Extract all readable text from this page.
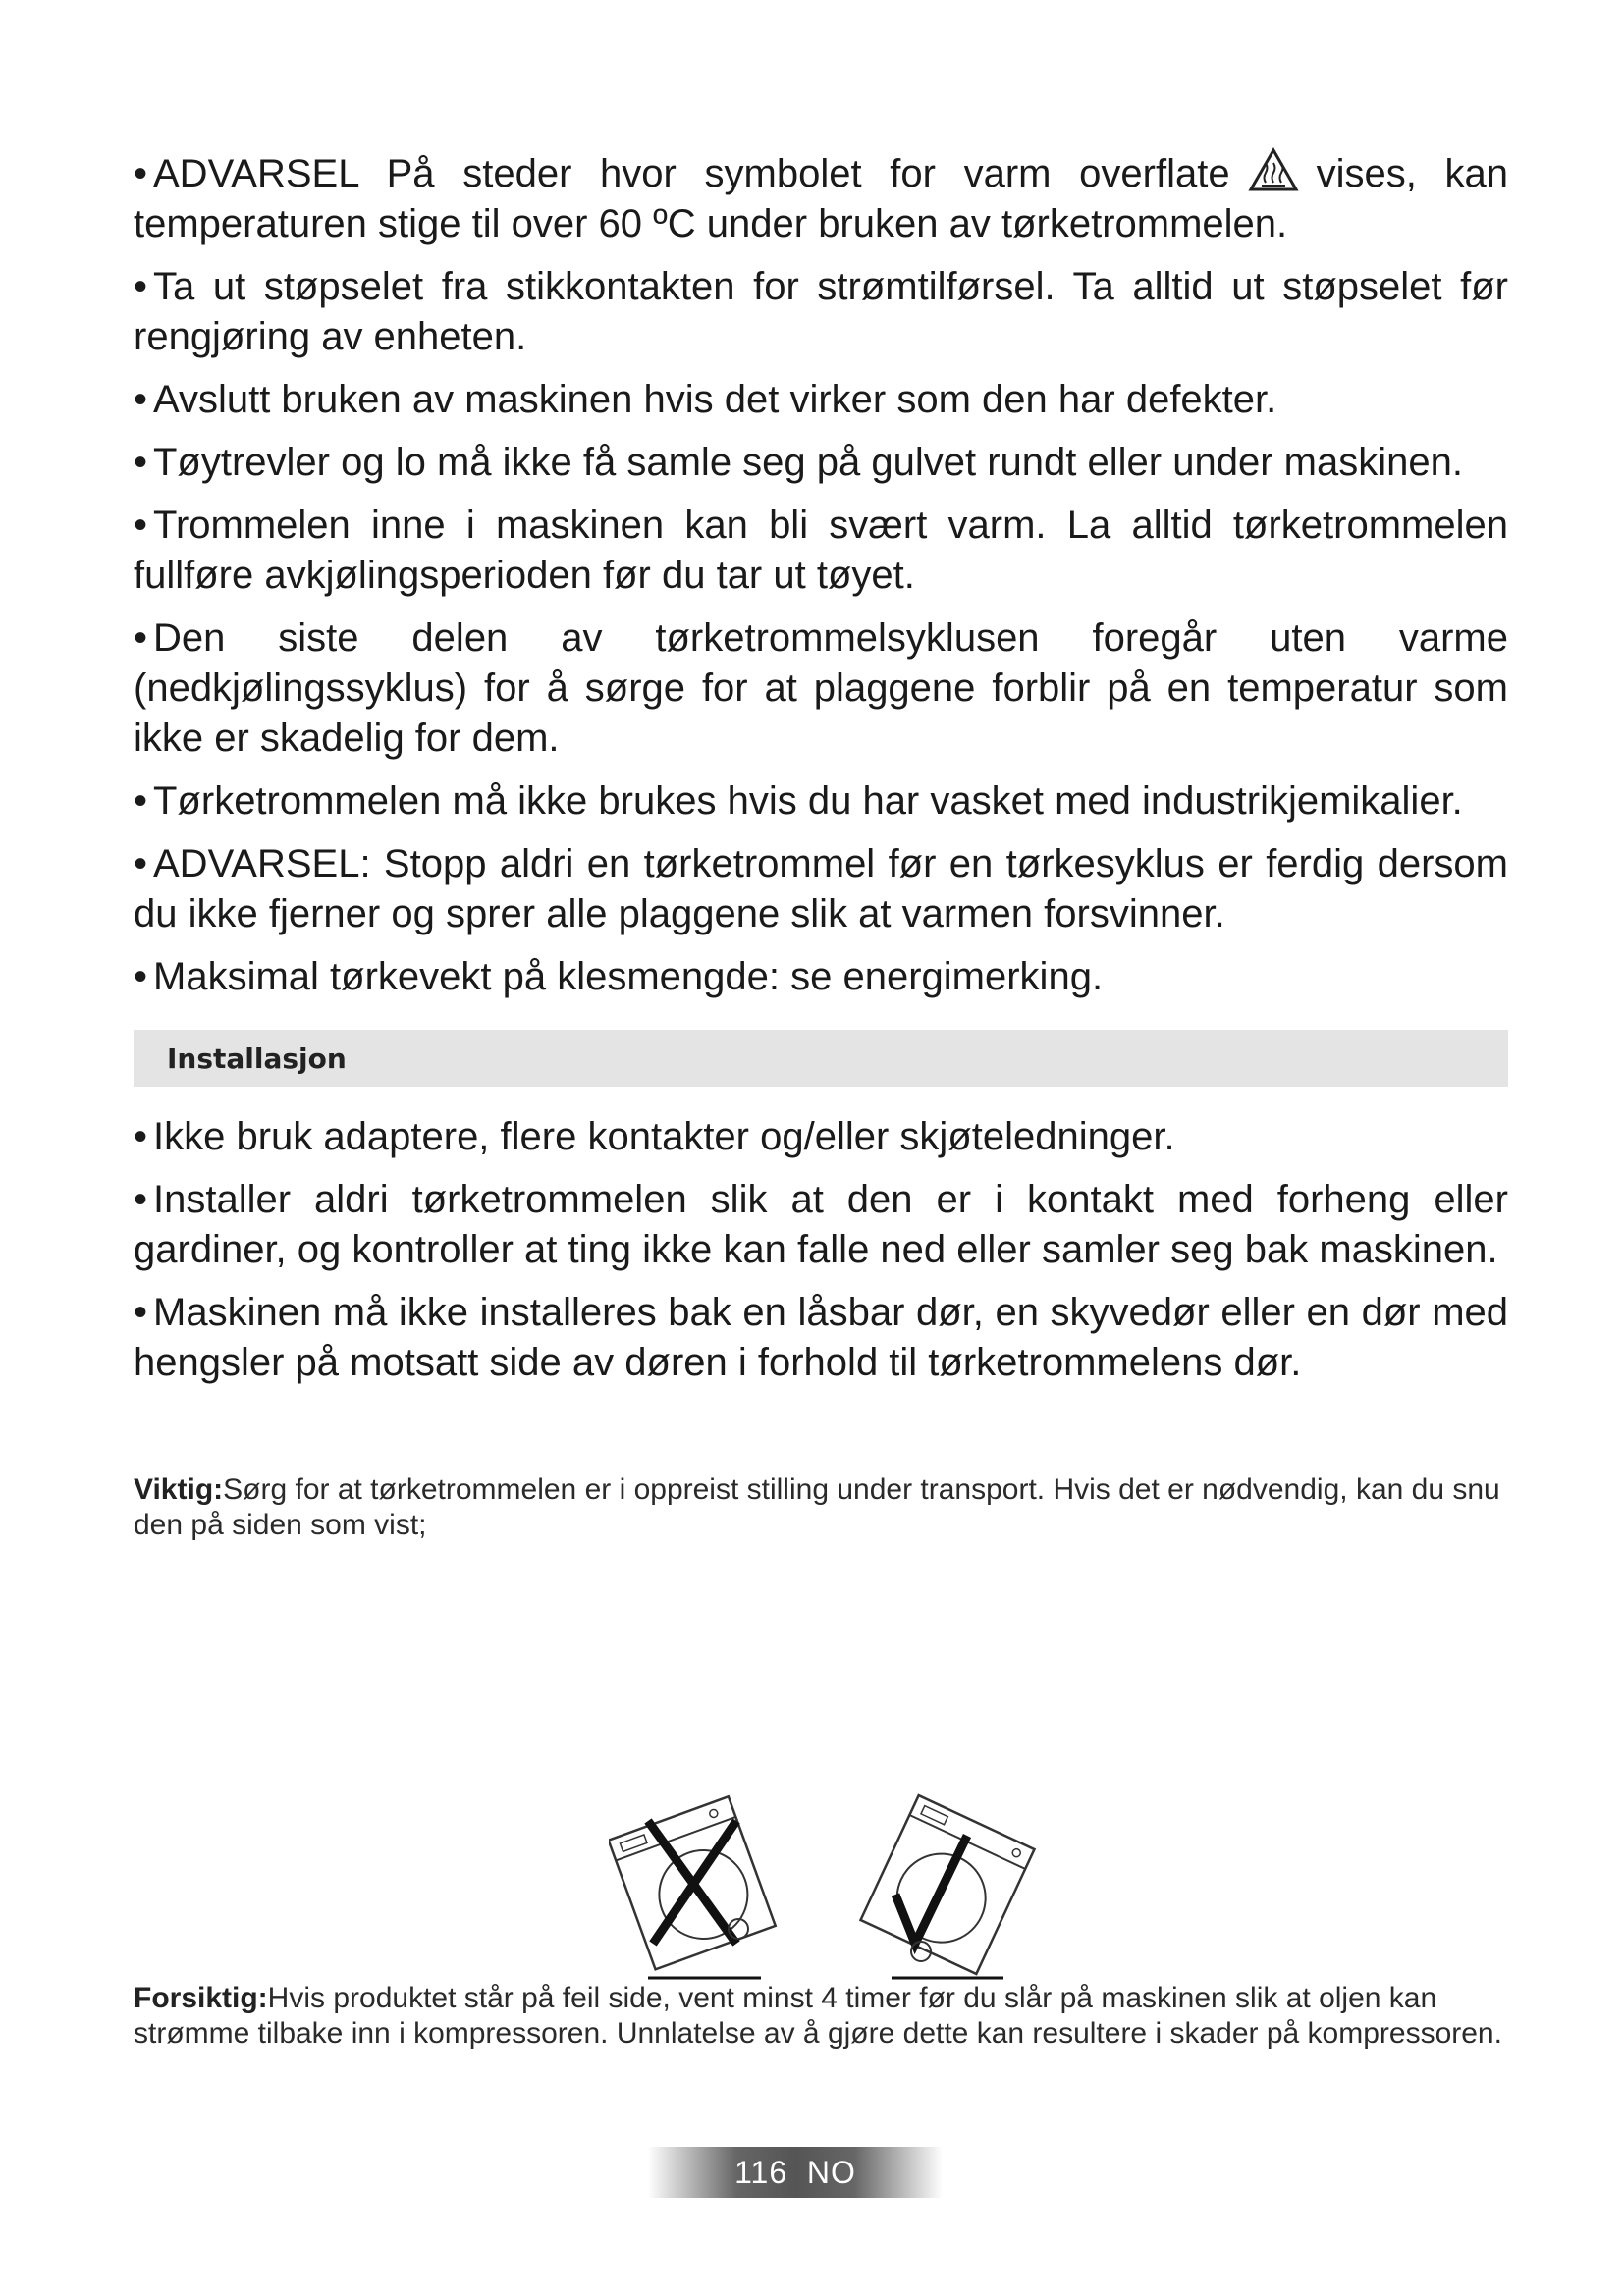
• ADVARSEL På steder hvor symbolet for varm overflate vises, kan temperaturen stige til over 60 ºC under bruken av tørketrommelen.

• Ta ut støpselet fra stikkontakten for strømtilførsel. Ta alltid ut støpselet før rengjøring av enheten.

• Avslutt bruken av maskinen hvis det virker som den har defekter.

• Tøytrevler og lo må ikke få samle seg på gulvet rundt eller under maskinen.

• Trommelen inne i maskinen kan bli svært varm. La alltid tørketrommelen fullføre avkjølingsperioden før du tar ut tøyet.

• Den siste delen av tørketrommelsyklusen foregår uten varme (nedkjølingssyklus) for å sørge for at plaggene forblir på en temperatur som ikke er skadelig for dem.

• Tørketrommelen må ikke brukes hvis du har vasket med industrikjemikalier.

• ADVARSEL: Stopp aldri en tørketrommel før en tørkesyklus er ferdig dersom du ikke fjerner og sprer alle plaggene slik at varmen forsvinner.

• Maksimal tørkevekt på klesmengde: se energimerking.

Installasjon

• Ikke bruk adaptere, flere kontakter og/eller skjøteledninger.

• Installer aldri tørketrommelen slik at den er i kontakt med forheng eller gardiner, og kontroller at ting ikke kan falle ned eller samler seg bak maskinen.

• Maskinen må ikke installeres bak en låsbar dør, en skyvedør eller en dør med hengsler på motsatt side av døren i forhold til tørketrommelens dør.

Viktig:Sørg for at tørketrommelen er i oppreist stilling under transport. Hvis det er nødvendig, kan du snu den på siden som vist;

Forsiktig:Hvis produktet står på feil side, vent minst 4 timer før du slår på maskinen slik at oljen kan strømme tilbake inn i kompressoren. Unnlatelse av å gjøre dette kan resultere i skader på kompressoren.

116  NO
